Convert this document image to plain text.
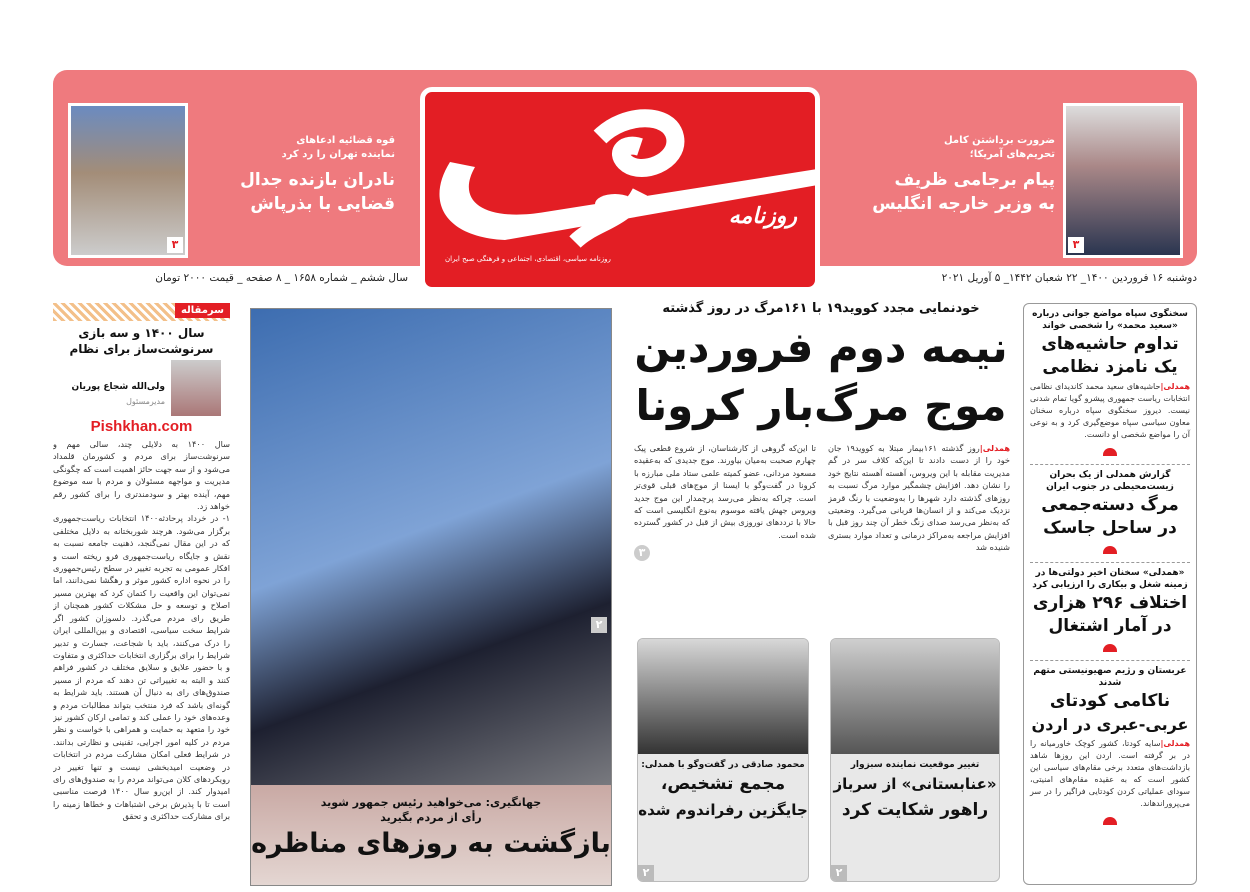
۳
قوه قضائیه ادعاهای
نماینده تهران را رد کرد
نادران بازنده جدال
قضایی با بذرپاش	روزنامه
روزنامه سیاسی، اقتصادی، اجتماعی و فرهنگی صبح ایران
۳
ضرورت برداشتن کامل
تحریم‌های آمریکا؛
پیام برجامی ظریف
به وزیر خارجه انگلیس
سال ششم _ شماره ۱۶۵۸ _ ۸ صفحه _ قیمت ۲۰۰۰ تومان	دوشنبه ۱۶ فروردین ۱۴۰۰_ ۲۲ شعبان ۱۴۴۲_ ۵ آوریل ۲۰۲۱
سرمقاله
سال ۱۴۰۰ و سه بازی سرنوشت‌ساز برای نظام
ولی‌الله شجاع پوریان
مدیرمسئول
Pishkhan.com

سال ۱۴۰۰ به دلایلی چند، سالی مهم و سرنوشت‌ساز برای مردم و کشورمان قلمداد می‌شود و از سه جهت حائز اهمیت است که چگونگی مدیریت و مواجهه مسئولان و مردم با سه موضوع مهم، آینده بهتر و سودمندتری را برای کشور رقم خواهد زد.

۱- در خرداد پرحادثه۱۴۰۰ انتخابات ریاست‌جمهوری برگزار می‌شود. هرچند شوربختانه به دلایل مختلفی که در این مقال نمی‌گنجد، ذهنیت جامعه نسبت به نقش و جایگاه ریاست‌جمهوری فرو ریخته است و افکار عمومی به تجربه تغییر در سطح رئیس‌جمهوری را در نحوه اداره کشور موثر و رهگشا نمی‌دانند، اما نمی‌توان این واقعیت را کتمان کرد که بهترین مسیر اصلاح و توسعه و حل مشکلات کشور همچنان از طریق رای مردم می‌گذرد. دلسوزان کشور اگر شرایط سخت سیاسی، اقتصادی و بین‌المللی ایران را درک می‌کنند، باید با شجاعت، جسارت و تدبیر شرایط را برای برگزاری انتخابات حداکثری و متفاوت و با حضور علایق و سلایق مختلف در کشور فراهم کنند و البته به تغییراتی تن دهند که مردم از مسیر صندوق‌های رای به دنبال آن هستند. باید شرایط به گونه‌ای باشد که فرد منتخب بتواند مطالبات مردم و وعده‌های خود را عملی کند و تمامی ارکان کشور نیز خود را متعهد به حمایت و همراهی با خواست و نظر مردم در کلیه امور اجرایی، تقنینی و نظارتی بدانند. در شرایط فعلی امکان مشارکت مردم در انتخابات در وضعیت امیدبخشی نیست و تنها تغییر در رویکردهای کلان می‌تواند مردم را به صندوق‌های رای امیدوار کند. از این‌رو سال ۱۴۰۰ فرصت مناسبی است تا با پذیرش برخی اشتباهات و خطاها زمینه را برای مشارکت حداکثری و تحقق

۲
جهانگیری: می‌خواهید رئیس جمهور شوید
رأی از مردم بگیرید
بازگشت به روزهای مناظره
خودنمایی مجدد کووید۱۹ با ۱۶۱مرگ در روز گذشته
نیمه دوم فروردین
موج مرگ‌بار کرونا
همدلی|روز گذشته ۱۶۱بیمار مبتلا به کووید۱۹ جان خود را از دست دادند تا این‌که کلاف سر در گم مدیریت مقابله با این ویروس، آهسته آهسته نتایج خود را نشان دهد. افزایش چشمگیر موارد مرگ نسبت به روزهای گذشته دارد شهرها را به‌وضعیت با رنگ قرمز نزدیک می‌کند و از انسان‌ها قربانی می‌گیرد. وضعیتی که به‌نظر می‌رسد صدای زنگ خطر آن چند روز قبل با افزایش مراجعه به‌مراکز درمانی و تعداد موارد بستری شنیده شد
تا این‌که گروهی از کارشناسان، از شروع قطعی پیک چهارم صحبت به‌میان بیاورند. موج جدیدی که به‌عقیده مسعود مردانی، عضو کمیته علمی ستاد ملی مبارزه با کرونا در گفت‌وگو با ایسنا از موج‌های قبلی قوی‌تر است. چراکه به‌نظر می‌رسد پرچمدار این موج جدید ویروس جهش یافته موسوم به‌نوع انگلیسی است که حالا با ترددهای نوروزی بیش از قبل در کشور گسترده شده است.
۳
تغییر موقعیت نماینده سبزوار
«عنابستانی» از سرباز
راهور شکایت کرد
۲
محمود صادقی در گفت‌وگو با همدلی:
مجمع تشخیص،
جایگزین رفراندوم شده
۲
سخنگوی سپاه مواضع جوانی درباره «سعید محمد» را شخصی خواند
تداوم حاشیه‌های
یک نامزد نظامی

همدلی|حاشیه‌های سعید محمد کاندیدای نظامی انتخابات ریاست جمهوری پیشرو گویا تمام شدنی نیست. دیروز سخنگوی سپاه درباره سخنان معاون سیاسی سپاه موضع‌گیری کرد و به نوعی آن را مواضع شخصی او دانست.

گزارش همدلی از یک بحران زیست‌محیطی در جنوب ایران
مرگ دسته‌جمعی
در ساحل جاسک
«همدلی» سخنان اخیر دولتی‌ها در زمینه شغل و بیکاری را ارزیابی کرد
اختلاف ۲۹۶ هزاری
در آمار اشتغال
عربستان و رژیم صهیونیستی متهم شدند
ناکامی کودتای
عربی-عبری در اردن

همدلی|سایه کودتا، کشور کوچک خاورمیانه را در بر گرفته است. اردن این روزها شاهد بازداشت‌های متعدد برخی مقام‌های سیاسی این کشور است که به عقیده مقام‌های امنیتی، سودای عملیاتی کردن کودتایی فراگیر را در سر می‌پروراندهاند.
